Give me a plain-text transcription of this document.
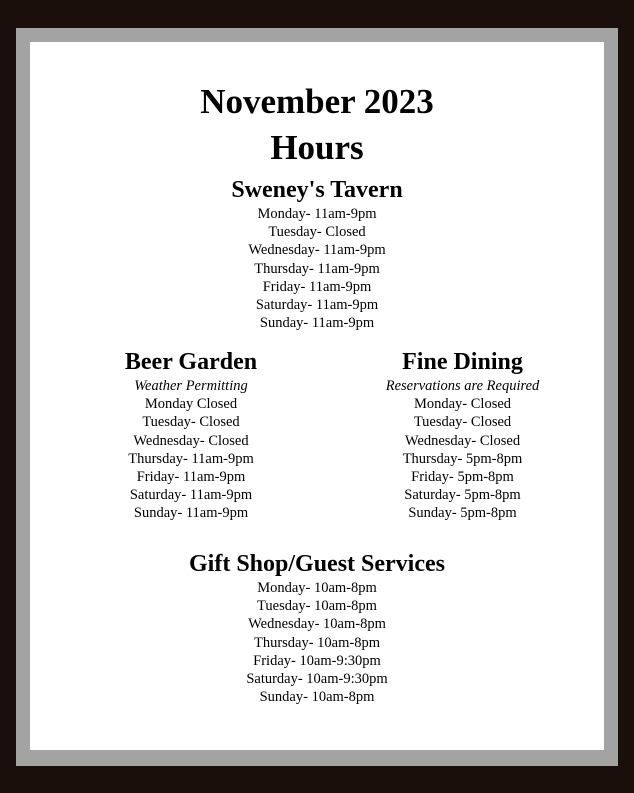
November 2023
Hours
Sweney's Tavern

Monday- 11am-9pm

Tuesday- Closed

Wednesday- 11am-9pm

Thursday- 11am-9pm

Friday- 11am-9pm

Saturday- 11am-9pm

Sunday- 11am-9pm

Beer Garden

Weather Permitting

Monday Closed

Tuesday- Closed

Wednesday- Closed

Thursday- 11am-9pm

Friday- 11am-9pm

Saturday- 11am-9pm

Sunday- 11am-9pm

Fine Dining

Reservations are Required

Monday- Closed

Tuesday- Closed

Wednesday- Closed

Thursday- 5pm-8pm

Friday- 5pm-8pm

Saturday- 5pm-8pm

Sunday- 5pm-8pm

Gift Shop/Guest Services

Monday- 10am-8pm

Tuesday- 10am-8pm

Wednesday- 10am-8pm

Thursday- 10am-8pm

Friday- 10am-9:30pm

Saturday- 10am-9:30pm

Sunday- 10am-8pm
